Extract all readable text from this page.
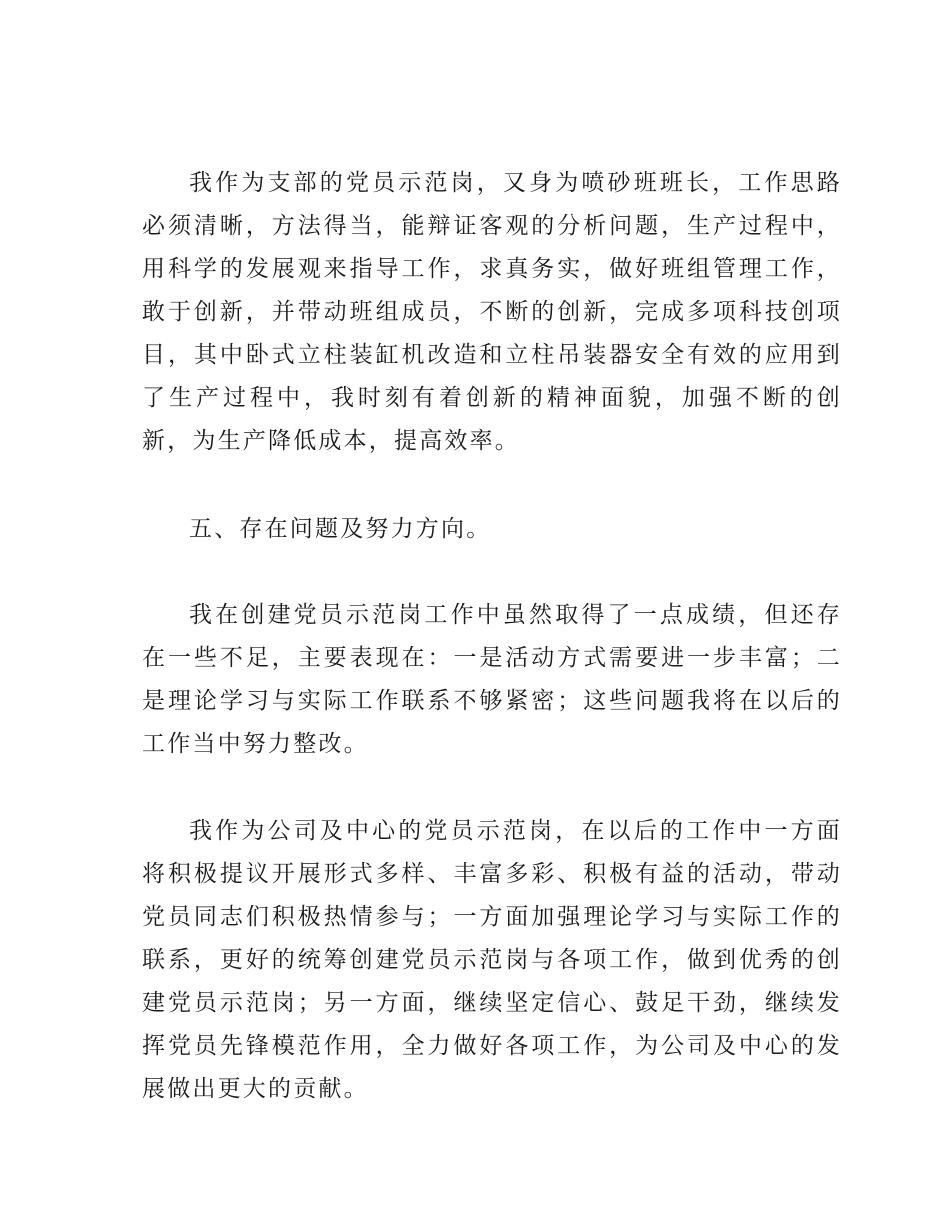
我作为支部的党员示范岗，又身为喷砂班班长，工作思路必须清晰，方法得当，能辩证客观的分析问题，生产过程中，用科学的发展观来指导工作，求真务实，做好班组管理工作，敢于创新，并带动班组成员，不断的创新，完成多项科技创项目，其中卧式立柱装缸机改造和立柱吊装器安全有效的应用到了生产过程中，我时刻有着创新的精神面貌，加强不断的创新，为生产降低成本，提高效率。

五、存在问题及努力方向。

我在创建党员示范岗工作中虽然取得了一点成绩，但还存在一些不足，主要表现在：一是活动方式需要进一步丰富；二是理论学习与实际工作联系不够紧密；这些问题我将在以后的工作当中努力整改。

我作为公司及中心的党员示范岗，在以后的工作中一方面将积极提议开展形式多样、丰富多彩、积极有益的活动，带动党员同志们积极热情参与；一方面加强理论学习与实际工作的联系，更好的统筹创建党员示范岗与各项工作，做到优秀的创建党员示范岗；另一方面，继续坚定信心、鼓足干劲，继续发挥党员先锋模范作用，全力做好各项工作，为公司及中心的发展做出更大的贡献。
